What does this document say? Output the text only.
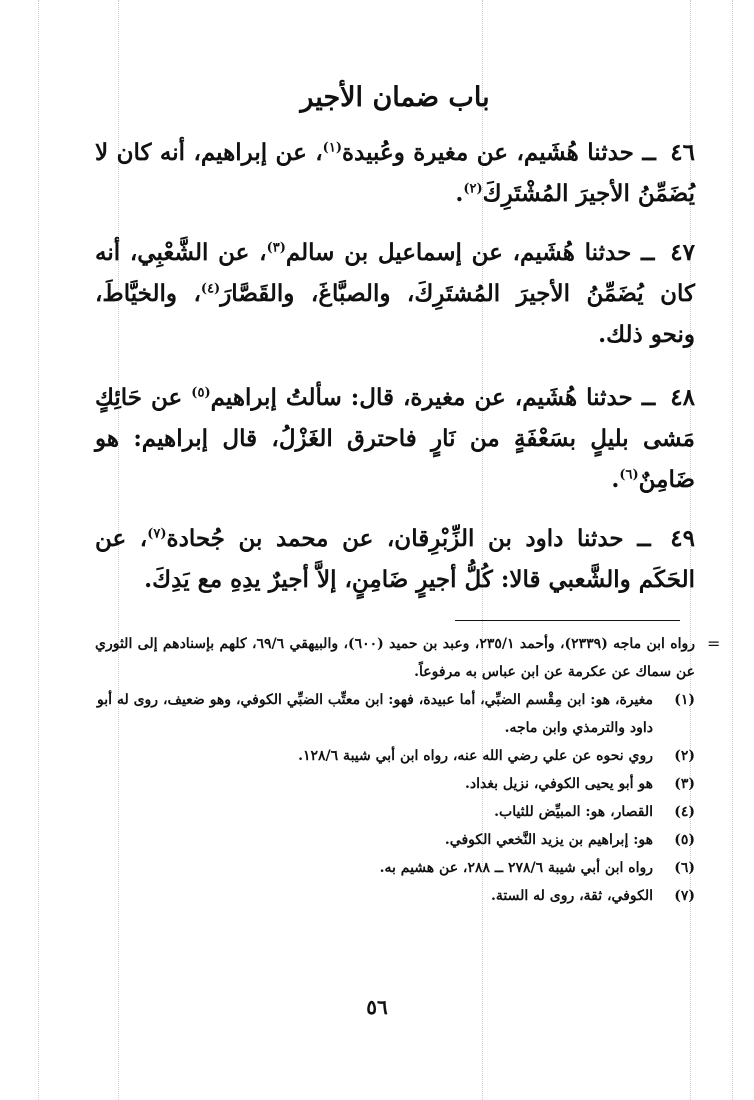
باب ضمان الأجير
٤٦ ــ حدثنا هُشَيم، عن مغيرة وعُبيدة$^{(١)}$، عن إبراهيم، أنه كان لا يُضَمِّنُ الأجيرَ المُشْتَرِكَ$^{(٢)}$.
٤٧ ــ حدثنا هُشَيم، عن إسماعيل بن سالم$^{(٣)}$، عن الشَّعْبِي، أنه كان يُضَمِّنُ الأجيرَ المُشتَرِكَ، والصبَّاغَ، والقَصَّارَ$^{(٤)}$، والخيَّاطَ، ونحو ذلك.
٤٨ ــ حدثنا هُشَيم، عن مغيرة، قال: سألتُ إبراهيم$^{(٥)}$ عن حَائِكٍ مَشى بليلٍ بسَعْفَةٍ من نَارٍ فاحترق الغَزْلُ، قال إبراهيم: هو ضَامِنٌ$^{(٦)}$.
٤٩ ــ حدثنا داود بن الزِّبْرِقان، عن محمد بن جُحادة$^{(٧)}$، عن الحَكَم والشَّعبي قالا: كُلُّ أجيرٍ ضَامِنٍ، إلاَّ أجيرٌ يدِهِ مع يَدِكَ.
=
رواه ابن ماجه (٢٣٣٩)، وأحمد ٢٣٥/١، وعبد بن حميد (٦٠٠)، والبيهقي ٦٩/٦، كلهم بإسنادهم إلى الثوري عن سماك عن عكرمة عن ابن عباس به مرفوعاً.
(١)
مغيرة، هو: ابن مِقْسم الضبِّي، أما عبيدة، فهو: ابن معتِّب الضبِّي الكوفي، وهو ضعيف، روى له أبو داود والترمذي وابن ماجه.
(٢)
روي نحوه عن علي رضي الله عنه، رواه ابن أبي شيبة ١٢٨/٦.
(٣)
هو أبو يحيى الكوفي، نزيل بغداد.
(٤)
القصار، هو: المبيِّض للثياب.
(٥)
هو: إبراهيم بن يزيد النَّخعي الكوفي.
(٦)
رواه ابن أبي شيبة ٢٧٨/٦ ــ ٢٨٨، عن هشيم به.
(٧)
الكوفي، ثقة، روى له الستة.
٥٦
